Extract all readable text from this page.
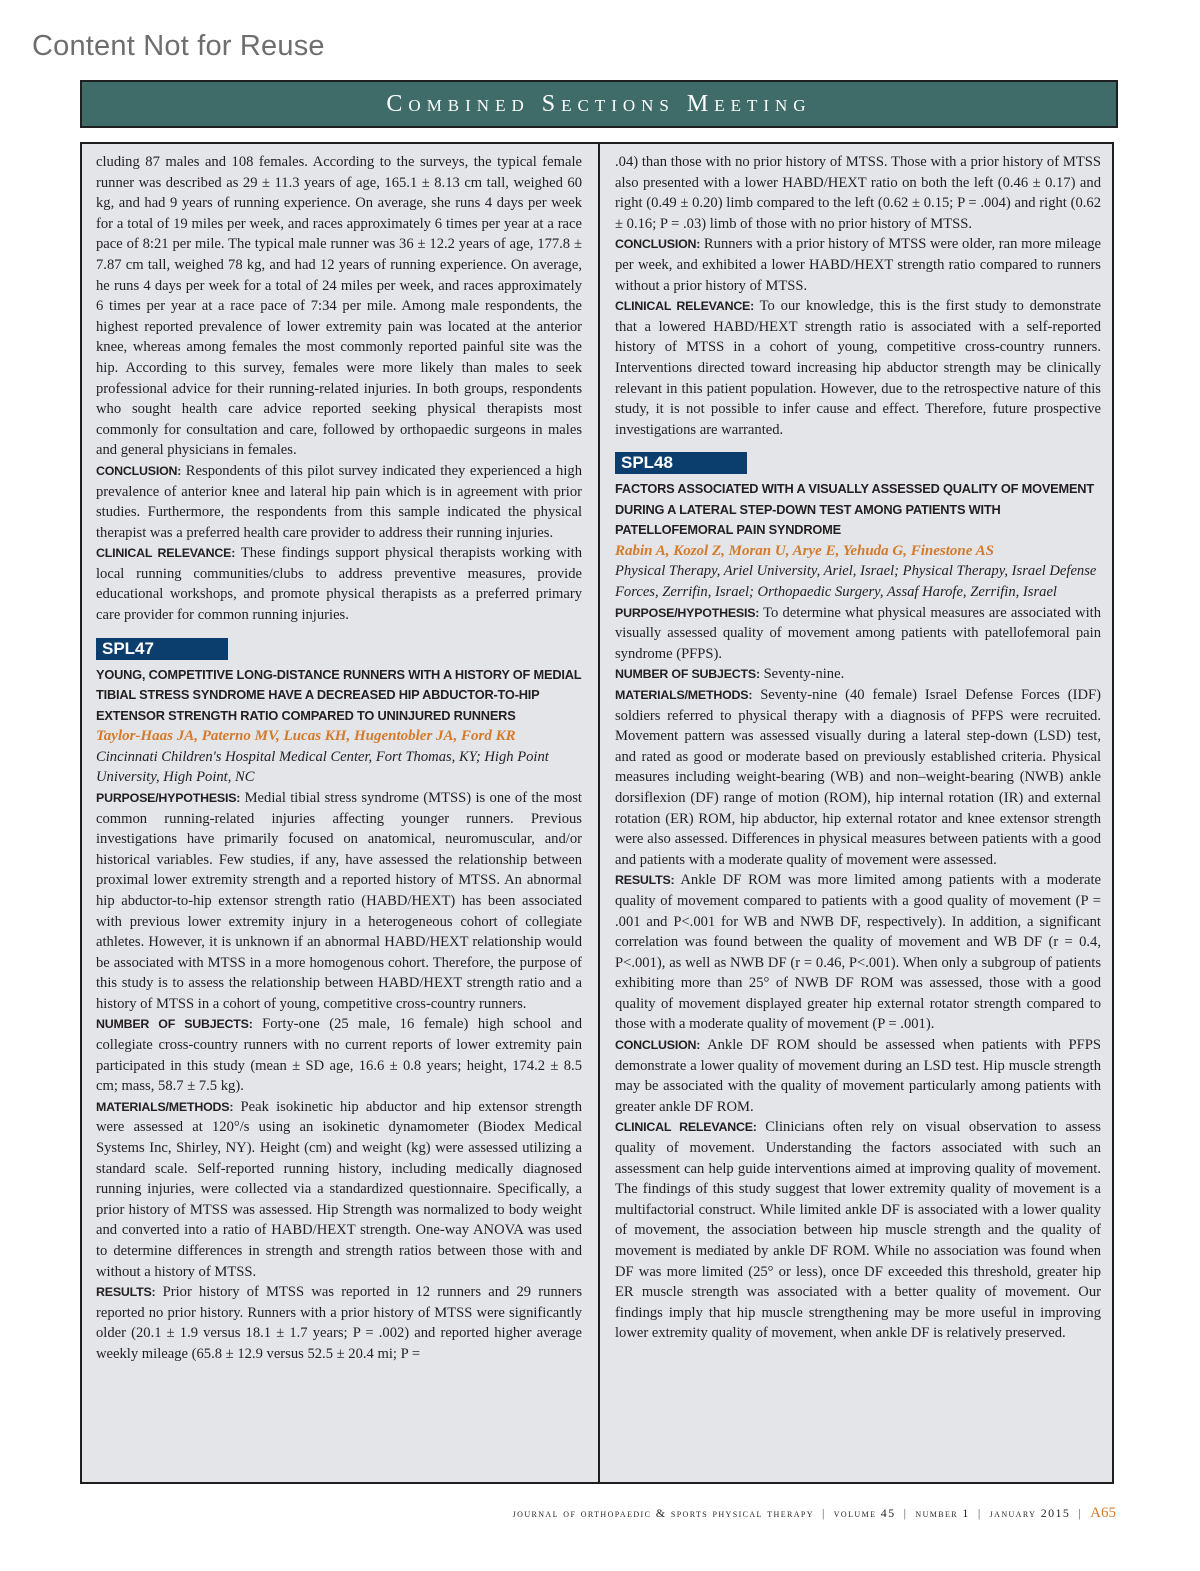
Content Not for Reuse
Combined Sections Meeting

cluding 87 males and 108 females. According to the surveys, the typical female runner was described as 29 ± 11.3 years of age, 165.1 ± 8.13 cm tall, weighed 60 kg, and had 9 years of running experience. On average, she runs 4 days per week for a total of 19 miles per week, and races approximately 6 times per year at a race pace of 8:21 per mile. The typical male runner was 36 ± 12.2 years of age, 177.8 ± 7.87 cm tall, weighed 78 kg, and had 12 years of running experience. On average, he runs 4 days per week for a total of 24 miles per week, and races approximately 6 times per year at a race pace of 7:34 per mile. Among male respondents, the highest reported prevalence of lower extremity pain was located at the anterior knee, whereas among females the most commonly reported painful site was the hip. According to this survey, females were more likely than males to seek professional advice for their running-related injuries. In both groups, respondents who sought health care advice reported seeking physical therapists most commonly for consultation and care, followed by orthopaedic surgeons in males and general physicians in females.

CONCLUSION: Respondents of this pilot survey indicated they experienced a high prevalence of anterior knee and lateral hip pain which is in agreement with prior studies. Furthermore, the respondents from this sample indicated the physical therapist was a preferred health care provider to address their running injuries.

CLINICAL RELEVANCE: These findings support physical therapists working with local running communities/clubs to address preventive measures, provide educational workshops, and promote physical therapists as a preferred primary care provider for common running injuries.

SPL47

YOUNG, COMPETITIVE LONG-DISTANCE RUNNERS WITH A HISTORY OF MEDIAL TIBIAL STRESS SYNDROME HAVE A DECREASED HIP ABDUCTOR-TO-HIP EXTENSOR STRENGTH RATIO COMPARED TO UNINJURED RUNNERS

Taylor-Haas JA, Paterno MV, Lucas KH, Hugentobler JA, Ford KR

Cincinnati Children's Hospital Medical Center, Fort Thomas, KY; High Point University, High Point, NC

PURPOSE/HYPOTHESIS: Medial tibial stress syndrome (MTSS) is one of the most common running-related injuries affecting younger runners. Previous investigations have primarily focused on anatomical, neuromuscular, and/or historical variables. Few studies, if any, have assessed the relationship between proximal lower extremity strength and a reported history of MTSS. An abnormal hip abductor-to-hip extensor strength ratio (HABD/HEXT) has been associated with previous lower extremity injury in a heterogeneous cohort of collegiate athletes. However, it is unknown if an abnormal HABD/HEXT relationship would be associated with MTSS in a more homogenous cohort. Therefore, the purpose of this study is to assess the relationship between HABD/HEXT strength ratio and a history of MTSS in a cohort of young, competitive cross-country runners.

NUMBER OF SUBJECTS: Forty-one (25 male, 16 female) high school and collegiate cross-country runners with no current reports of lower extremity pain participated in this study (mean ± SD age, 16.6 ± 0.8 years; height, 174.2 ± 8.5 cm; mass, 58.7 ± 7.5 kg).

MATERIALS/METHODS: Peak isokinetic hip abductor and hip extensor strength were assessed at 120°/s using an isokinetic dynamometer (Biodex Medical Systems Inc, Shirley, NY). Height (cm) and weight (kg) were assessed utilizing a standard scale. Self-reported running history, including medically diagnosed running injuries, were collected via a standardized questionnaire. Specifically, a prior history of MTSS was assessed. Hip Strength was normalized to body weight and converted into a ratio of HABD/HEXT strength. One-way ANOVA was used to determine differences in strength and strength ratios between those with and without a history of MTSS.

RESULTS: Prior history of MTSS was reported in 12 runners and 29 runners reported no prior history. Runners with a prior history of MTSS were significantly older (20.1 ± 1.9 versus 18.1 ± 1.7 years; P = .002) and reported higher average weekly mileage (65.8 ± 12.9 versus 52.5 ± 20.4 mi; P =

.04) than those with no prior history of MTSS. Those with a prior history of MTSS also presented with a lower HABD/HEXT ratio on both the left (0.46 ± 0.17) and right (0.49 ± 0.20) limb compared to the left (0.62 ± 0.15; P = .004) and right (0.62 ± 0.16; P = .03) limb of those with no prior history of MTSS.

CONCLUSION: Runners with a prior history of MTSS were older, ran more mileage per week, and exhibited a lower HABD/HEXT strength ratio compared to runners without a prior history of MTSS.

CLINICAL RELEVANCE: To our knowledge, this is the first study to demonstrate that a lowered HABD/HEXT strength ratio is associated with a self-reported history of MTSS in a cohort of young, competitive cross-country runners. Interventions directed toward increasing hip abductor strength may be clinically relevant in this patient population. However, due to the retrospective nature of this study, it is not possible to infer cause and effect. Therefore, future prospective investigations are warranted.

SPL48

FACTORS ASSOCIATED WITH A VISUALLY ASSESSED QUALITY OF MOVEMENT DURING A LATERAL STEP-DOWN TEST AMONG PATIENTS WITH PATELLOFEMORAL PAIN SYNDROME

Rabin A, Kozol Z, Moran U, Arye E, Yehuda G, Finestone AS

Physical Therapy, Ariel University, Ariel, Israel; Physical Therapy, Israel Defense Forces, Zerrifin, Israel; Orthopaedic Surgery, Assaf Harofe, Zerrifin, Israel

PURPOSE/HYPOTHESIS: To determine what physical measures are associated with visually assessed quality of movement among patients with patellofemoral pain syndrome (PFPS).

NUMBER OF SUBJECTS: Seventy-nine.

MATERIALS/METHODS: Seventy-nine (40 female) Israel Defense Forces (IDF) soldiers referred to physical therapy with a diagnosis of PFPS were recruited. Movement pattern was assessed visually during a lateral step-down (LSD) test, and rated as good or moderate based on previously established criteria. Physical measures including weight-bearing (WB) and non–weight-bearing (NWB) ankle dorsiflexion (DF) range of motion (ROM), hip internal rotation (IR) and external rotation (ER) ROM, hip abductor, hip external rotator and knee extensor strength were also assessed. Differences in physical measures between patients with a good and patients with a moderate quality of movement were assessed.

RESULTS: Ankle DF ROM was more limited among patients with a moderate quality of movement compared to patients with a good quality of movement (P = .001 and P<.001 for WB and NWB DF, respectively). In addition, a significant correlation was found between the quality of movement and WB DF (r = 0.4, P<.001), as well as NWB DF (r = 0.46, P<.001). When only a subgroup of patients exhibiting more than 25° of NWB DF ROM was assessed, those with a good quality of movement displayed greater hip external rotator strength compared to those with a moderate quality of movement (P = .001).

CONCLUSION: Ankle DF ROM should be assessed when patients with PFPS demonstrate a lower quality of movement during an LSD test. Hip muscle strength may be associated with the quality of movement particularly among patients with greater ankle DF ROM.

CLINICAL RELEVANCE: Clinicians often rely on visual observation to assess quality of movement. Understanding the factors associated with such an assessment can help guide interventions aimed at improving quality of movement. The findings of this study suggest that lower extremity quality of movement is a multifactorial construct. While limited ankle DF is associated with a lower quality of movement, the association between hip muscle strength and the quality of movement is mediated by ankle DF ROM. While no association was found when DF was more limited (25° or less), once DF exceeded this threshold, greater hip ER muscle strength was associated with a better quality of movement. Our findings imply that hip muscle strengthening may be more useful in improving lower extremity quality of movement, when ankle DF is relatively preserved.

journal of orthopaedic & sports physical therapy | volume 45 | number 1 | january 2015 | A65
